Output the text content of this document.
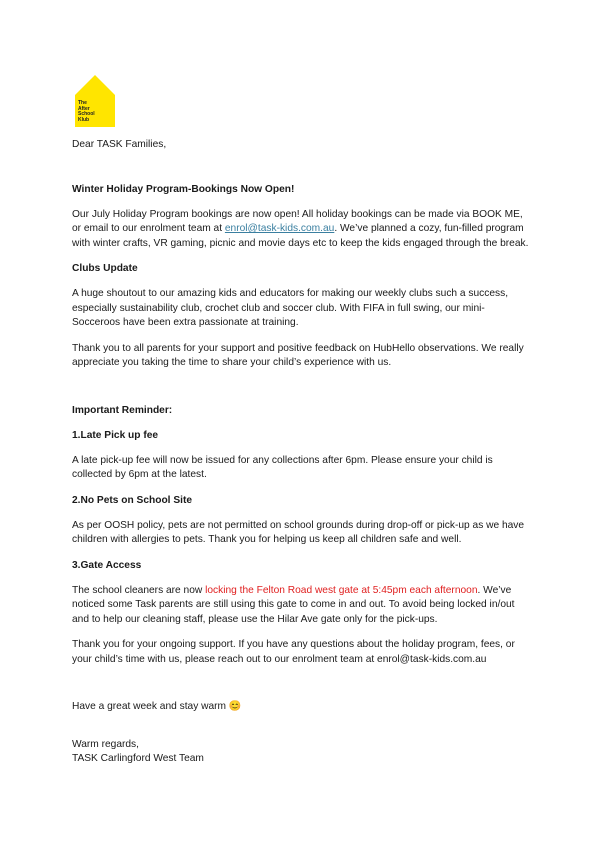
The
After
School
Klub

Dear TASK Families,

Winter Holiday Program-Bookings Now Open!

Our July Holiday Program bookings are now open! All holiday bookings can be made via BOOK ME, or email to our enrolment team at enrol@task-kids.com.au. We’ve planned a cozy, fun-filled program with winter crafts, VR gaming, picnic and movie days etc to keep the kids engaged through the break.

Clubs Update

A huge shoutout to our amazing kids and educators for making our weekly clubs such a success, especially sustainability club, crochet club and soccer club. With FIFA in full swing, our mini-Socceroos have been extra passionate at training.

Thank you to all parents for your support and positive feedback on HubHello observations. We really appreciate you taking the time to share your child’s experience with us.

Important Reminder:
1.Late Pick up fee

A late pick-up fee will now be issued for any collections after 6pm. Please ensure your child is collected by 6pm at the latest.

2.No Pets on School Site

As per OOSH policy, pets are not permitted on school grounds during drop-off or pick-up as we have children with allergies to pets. Thank you for helping us keep all children safe and well.

3.Gate Access

The school cleaners are now locking the Felton Road west gate at 5:45pm each afternoon. We’ve noticed some Task parents are still using this gate to come in and out. To avoid being locked in/out and to help our cleaning staff, please use the Hilar Ave gate only for the pick-ups.

Thank you for your ongoing support. If you have any questions about the holiday program, fees, or your child’s time with us, please reach out to our enrolment team at enrol@task-kids.com.au

Have a great week and stay warm 😊

Warm regards,

TASK Carlingford West Team
